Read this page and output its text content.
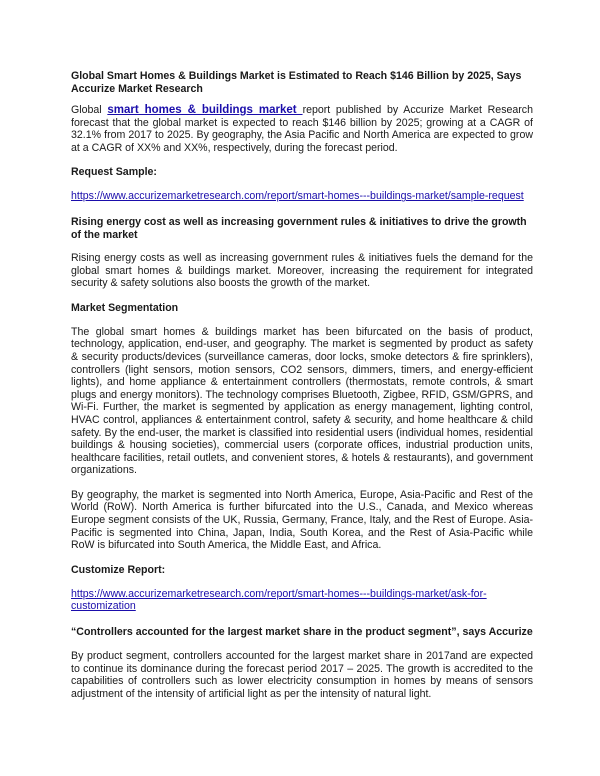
Global Smart Homes & Buildings Market is Estimated to Reach $146 Billion by 2025, Says Accurize Market Research

Global smart homes & buildings market report published by Accurize Market Research forecast that the global market is expected to reach $146 billion by 2025; growing at a CAGR of 32.1% from 2017 to 2025. By geography, the Asia Pacific and North America are expected to grow at a CAGR of XX% and XX%, respectively, during the forecast period.

Request Sample:
https://www.accurizemarketresearch.com/report/smart-homes---buildings-market/sample-request
Rising energy cost as well as increasing government rules & initiatives to drive the growth of the market

Rising energy costs as well as increasing government rules & initiatives fuels the demand for the global smart homes & buildings market. Moreover, increasing the requirement for integrated security & safety solutions also boosts the growth of the market.

Market Segmentation

The global smart homes & buildings market has been bifurcated on the basis of product, technology, application, end-user, and geography. The market is segmented by product as safety & security products/devices (surveillance cameras, door locks, smoke detectors & fire sprinklers), controllers (light sensors, motion sensors, CO2 sensors, dimmers, timers, and energy-efficient lights), and home appliance & entertainment controllers (thermostats, remote controls, & smart plugs and energy monitors). The technology comprises Bluetooth, Zigbee, RFID, GSM/GPRS, and Wi-Fi. Further, the market is segmented by application as energy management, lighting control, HVAC control, appliances & entertainment control, safety & security, and home healthcare & child safety. By the end-user, the market is classified into residential users (individual homes, residential buildings & housing societies), commercial users (corporate offices, industrial production units, healthcare facilities, retail outlets, and convenient stores, & hotels & restaurants), and government organizations.

By geography, the market is segmented into North America, Europe, Asia-Pacific and Rest of the World (RoW). North America is further bifurcated into the U.S., Canada, and Mexico whereas Europe segment consists of the UK, Russia, Germany, France, Italy, and the Rest of Europe. Asia-Pacific is segmented into China, Japan, India, South Korea, and the Rest of Asia-Pacific while RoW is bifurcated into South America, the Middle East, and Africa.

Customize Report:
https://www.accurizemarketresearch.com/report/smart-homes---buildings-market/ask-for-
customization
“Controllers accounted for the largest market share in the product segment”, says Accurize

By product segment, controllers accounted for the largest market share in 2017and are expected to continue its dominance during the forecast period 2017 – 2025. The growth is accredited to the capabilities of controllers such as lower electricity consumption in homes by means of sensors adjustment of the intensity of artificial light as per the intensity of natural light.
